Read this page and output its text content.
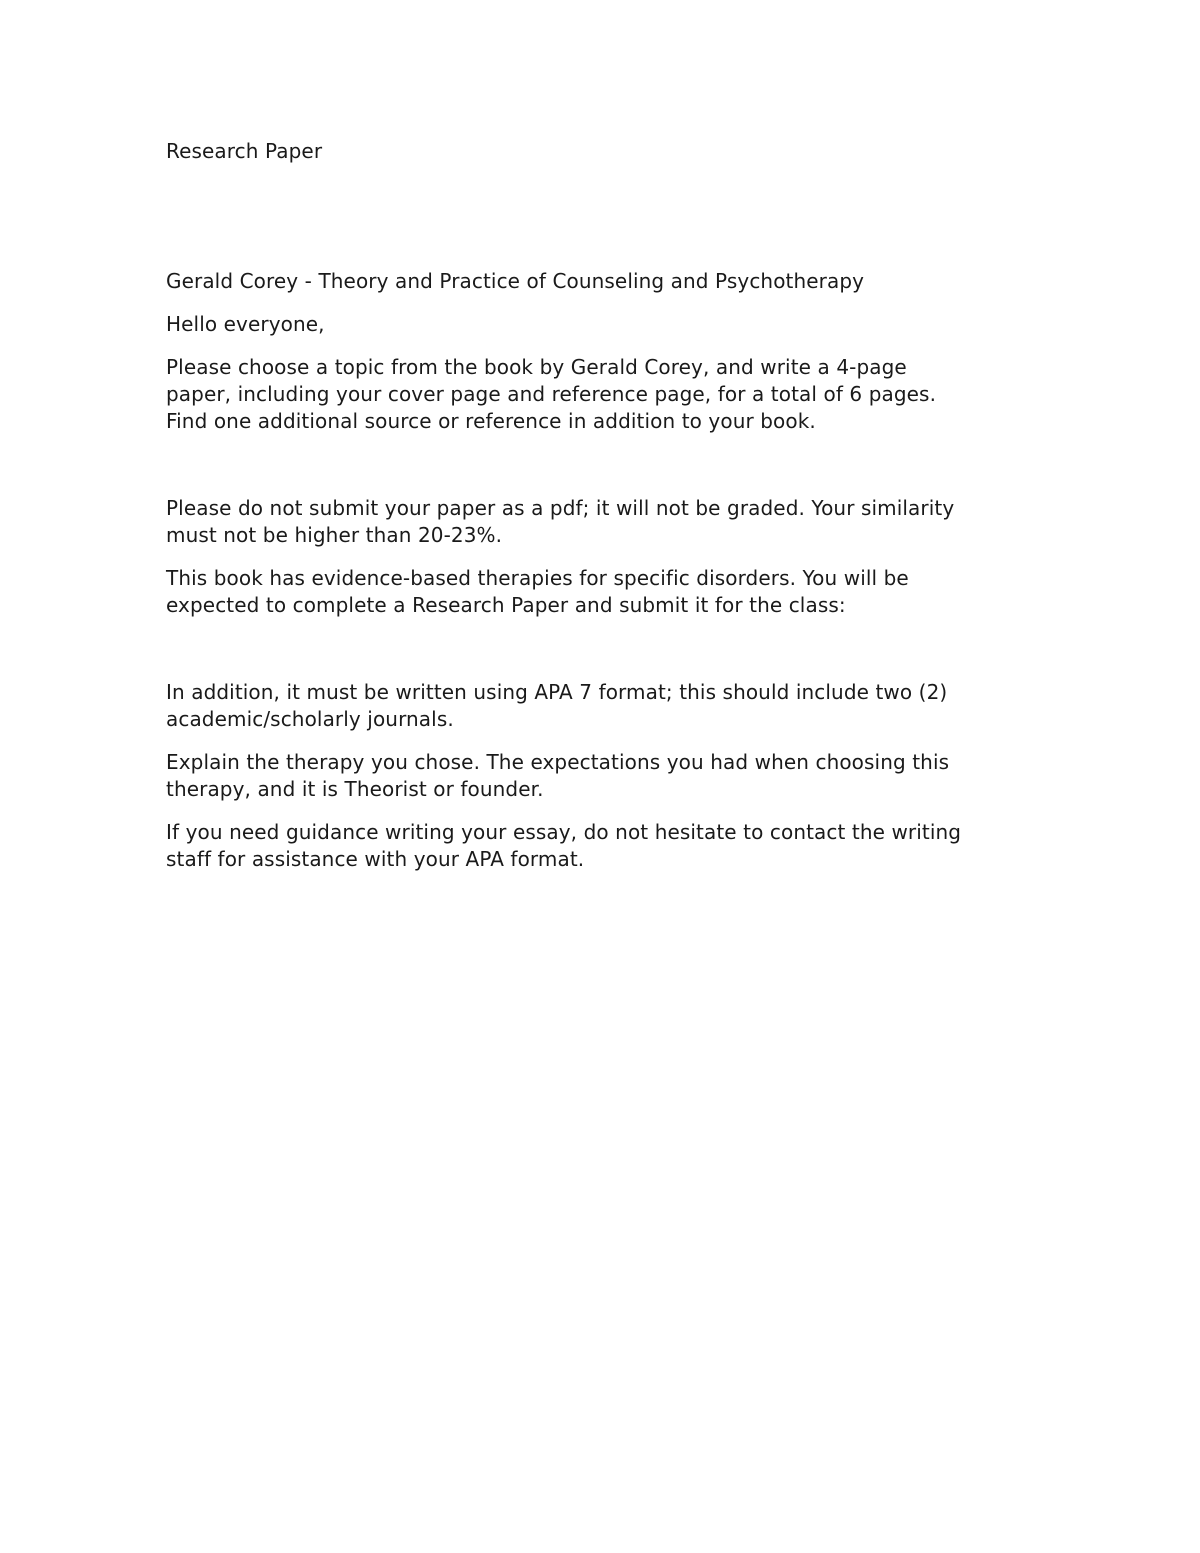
Research Paper

Gerald Corey - Theory and Practice of Counseling and Psychotherapy

Hello everyone,

Please choose a topic from the book by Gerald Corey, and write a 4-page
paper, including your cover page and reference page, for a total of 6 pages.
Find one additional source or reference in addition to your book.

Please do not submit your paper as a pdf; it will not be graded. Your similarity
must not be higher than 20-23%.

This book has evidence-based therapies for specific disorders. You will be
expected to complete a Research Paper and submit it for the class:

In addition, it must be written using APA 7 format; this should include two (2)
academic/scholarly journals.

Explain the therapy you chose. The expectations you had when choosing this
therapy, and it is Theorist or founder.

If you need guidance writing your essay, do not hesitate to contact the writing
staff for assistance with your APA format.
